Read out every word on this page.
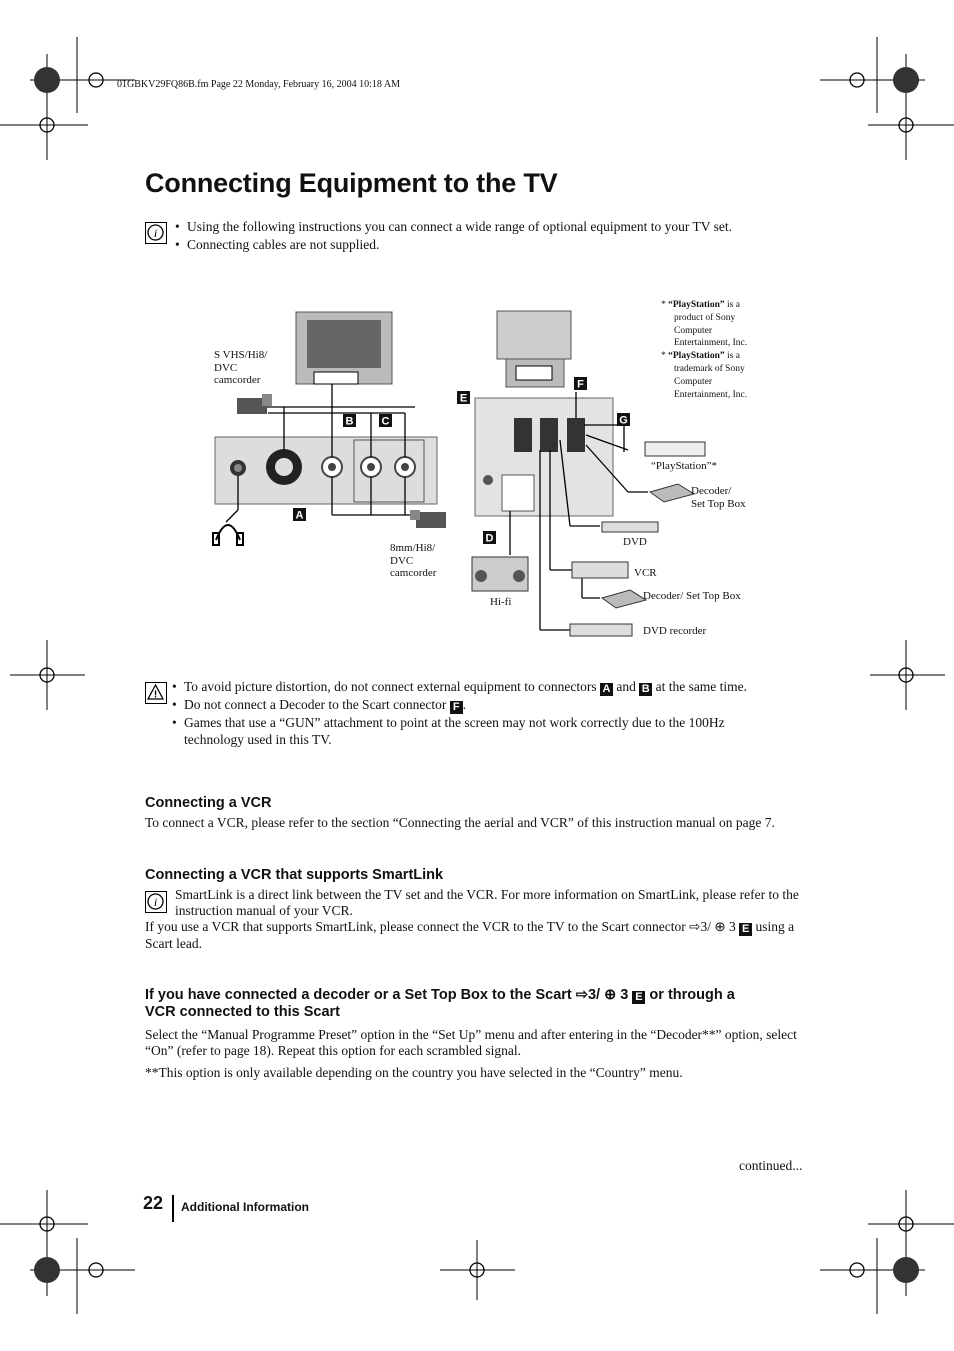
01GBKV29FQ86B.fm Page 22 Monday, February 16, 2004 10:18 AM
Connecting Equipment to the TV
i
•	Using the following instructions you can connect a wide range of optional equipment to your TV set.
• Connecting cables are not supplied.
A
B	C
D
E
F
G
S VHS/Hi8/
DVC
camcorder
8mm/Hi8/
DVC
camcorder
* “PlayStation” is a product of Sony Computer Entertainment, Inc.
* “PlayStation” is a trademark of Sony Computer Entertainment, Inc.
“PlayStation”*
Decoder/
Set Top Box
DVD
VCR
Decoder/ Set Top Box
Hi-fi
DVD recorder
!
• To avoid picture distortion, do not connect external equipment to connectors A and B at the same time.
• Do not connect a Decoder to the Scart connector F .
• Games that use a “GUN” attachment to point at the screen may not work correctly due to the 100Hz technology used in this TV.
Connecting a VCR
To connect a VCR, please refer to the section “Connecting the aerial and VCR” of this instruction manual on page 7.
Connecting a VCR that supports SmartLink
i SmartLink is a direct link between the TV set and the VCR. For more information on SmartLink, please refer to the instruction manual of your VCR.
If you use a VCR that supports SmartLink, please connect the VCR to the TV to the Scart connector ⇨3/ ⊕ 3 E using a Scart lead.
If you have connected a decoder or a Set Top Box to the Scart ⇨3/ ⊕ 3 E or through a
VCR connected to this Scart
Select the “Manual Programme Preset” option in the “Set Up” menu and after entering in the “Decoder**” option, select “On” (refer to page 18). Repeat this option for each scrambled signal.
**This option is only available depending on the country you have selected in the “Country” menu.
continued...
22 Additional Information
